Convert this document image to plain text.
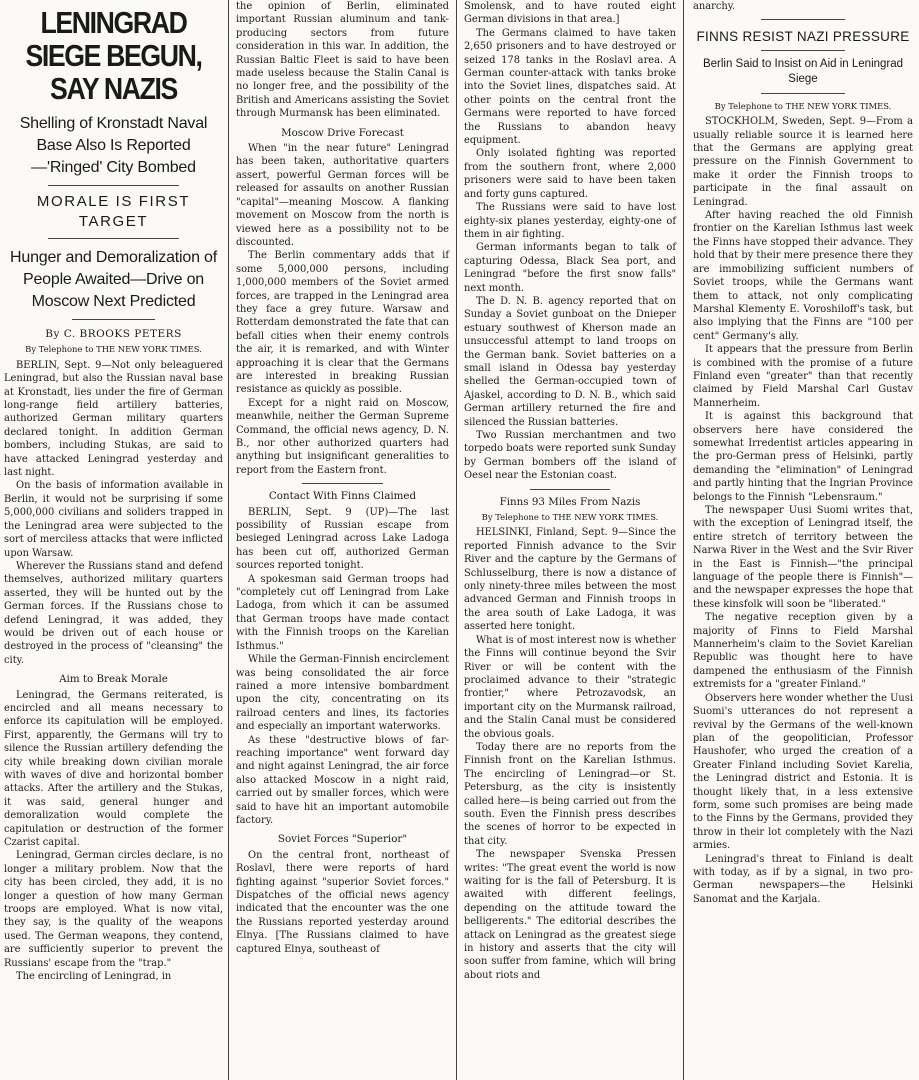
LENINGRAD SIEGE BEGUN, SAY NAZIS
Shelling of Kronstadt Naval Base Also Is Reported—'Ringed' City Bombed
MORALE IS FIRST TARGET
Hunger and Demoralization of People Awaited—Drive on Moscow Next Predicted
By C. BROOKS PETERS

By Telephone to THE NEW YORK TIMES.

BERLIN, Sept. 9—Not only beleaguered Leningrad, but also the Russian naval base at Kronstadt, lies under the fire of German long-range field artillery batteries, authorized German military quarters declared tonight. In addition German bombers, including Stukas, are said to have attacked Leningrad yesterday and last night.

On the basis of information available in Berlin, it would not be surprising if some 5,000,000 civilians and soliders trapped in the Leningrad area were subjected to the sort of merciless attacks that were inflicted upon Warsaw.

Wherever the Russians stand and defend themselves, authorized military quarters asserted, they will be hunted out by the German forces. If the Russians chose to defend Leningrad, it was added, they would be driven out of each house or destroyed in the process of "cleansing" the city.

Aim to Break Morale

Leningrad, the Germans reiterated, is encircled and all means necessary to enforce its capitulation will be employed. First, apparently, the Germans will try to silence the Russian artillery defending the city while breaking down civilian morale with waves of dive and horizontal bomber attacks. After the artillery and the Stukas, it was said, general hunger and demoralization would complete the capitulation or destruction of the former Czarist capital.

Leningrad, German circles declare, is no longer a military problem. Now that the city has been circled, they add, it is no longer a question of how many German troops are employed. What is now vital, they say, is the quality of the weapons used. The German weapons, they contend, are sufficiently superior to prevent the Russians' escape from the "trap."

The encircling of Leningrad, in

the opinion of Berlin, eliminated important Russian aluminum and tank-producing sectors from future consideration in this war. In addition, the Russian Baltic Fleet is said to have been made useless because the Stalin Canal is no longer free, and the possibility of the British and Americans assisting the Soviet through Murmansk has been eliminated.

Moscow Drive Forecast

When "in the near future" Leningrad has been taken, authoritative quarters assert, powerful German forces will be released for assaults on another Russian "capital"—meaning Moscow. A flanking movement on Moscow from the north is viewed here as a possibility not to be discounted.

The Berlin commentary adds that if some 5,000,000 persons, including 1,000,000 members of the Soviet armed forces, are trapped in the Leningrad area they face a grey future. Warsaw and Rotterdam demonstrated the fate that can befall cities when their enemy controls the air, it is remarked, and with Winter approaching it is clear that the Germans are interested in breaking Russian resistance as quickly as possible.

Except for a night raid on Moscow, meanwhile, neither the German Supreme Command, the official news agency, D. N. B., nor other authorized quarters had anything but insignificant generalities to report from the Eastern front.

Contact With Finns Claimed

BERLIN, Sept. 9 (UP)—The last possibility of Russian escape from besieged Leningrad across Lake Ladoga has been cut off, authorized German sources reported tonight.

A spokesman said German troops had "completely cut off Leningrad from Lake Ladoga, from which it can be assumed that German troops have made contact with the Finnish troops on the Karelian Isthmus."

While the German-Finnish encirclement was being consolidated the air force rained a more intensive bombardment upon the city, concentrating on its railroad centers and lines, its factories and especially an important waterworks.

As these "destructive blows of far-reaching importance" went forward day and night against Leningrad, the air force also attacked Moscow in a night raid, carried out by smaller forces, which were said to have hit an important automobile factory.

Soviet Forces "Superior"

On the central front, northeast of Roslavl, there were reports of hard fighting against "superior Soviet forces." Dispatches of the official news agency indicated that the encounter was the one the Russians reported yesterday around Elnya. [The Russians claimed to have captured Elnya, southeast of

Smolensk, and to have routed eight German divisions in that area.]

The Germans claimed to have taken 2,650 prisoners and to have destroyed or seized 178 tanks in the Roslavl area. A German counter-attack with tanks broke into the Soviet lines, dispatches said. At other points on the central front the Germans were reported to have forced the Russians to abandon heavy equipment.

Only isolated fighting was reported from the southern front, where 2,000 prisoners were said to have been taken and forty guns captured.

The Russians were said to have lost eighty-six planes yesterday, eighty-one of them in air fighting.

German informants began to talk of capturing Odessa, Black Sea port, and Leningrad "before the first snow falls" next month.

The D. N. B. agency reported that on Sunday a Soviet gunboat on the Dnieper estuary southwest of Kherson made an unsuccessful attempt to land troops on the German bank. Soviet batteries on a small island in Odessa bay yesterday shelled the German-occupied town of Ajaskel, according to D. N. B., which said German artillery returned the fire and silenced the Russian batteries.

Two Russian merchantmen and two torpedo boats were reported sunk Sunday by German bombers off the island of Oesel near the Estonian coast.

Finns 93 Miles From Nazis

By Telephone to THE NEW YORK TIMES.

HELSINKI, Finland, Sept. 9—Since the reported Finnish advance to the Svir River and the capture by the Germans of Schlusselburg, there is now a distance of only ninety-three miles between the most advanced German and Finnish troops in the area south of Lake Ladoga, it was asserted here tonight.

What is of most interest now is whether the Finns will continue beyond the Svir River or will be content with the proclaimed advance to their "strategic frontier," where Petrozavodsk, an important city on the Murmansk railroad, and the Stalin Canal must be considered the obvious goals.

Today there are no reports from the Finnish front on the Karelian Isthmus. The encircling of Leningrad—or St. Petersburg, as the city is insistently called here—is being carried out from the south. Even the Finnish press describes the scenes of horror to be expected in that city.

The newspaper Svenska Pressen writes: "The great event the world is now waiting for is the fall of Petersburg. It is awaited with different feelings, depending on the attitude toward the belligerents." The editorial describes the attack on Leningrad as the greatest siege in history and asserts that the city will soon suffer from famine, which will bring about riots and

anarchy.

FINNS RESIST NAZI PRESSURE
Berlin Said to Insist on Aid in Leningrad Siege

By Telephone to THE NEW YORK TIMES.

STOCKHOLM, Sweden, Sept. 9—From a usually reliable source it is learned here that the Germans are applying great pressure on the Finnish Government to make it order the Finnish troops to participate in the final assault on Leningrad.

After having reached the old Finnish frontier on the Karelian Isthmus last week the Finns have stopped their advance. They hold that by their mere presence there they are immobilizing sufficient numbers of Soviet troops, while the Germans want them to attack, not only complicating Marshal Klementy E. Voroshiloff's task, but also implying that the Finns are "100 per cent" Germany's ally.

It appears that the pressure from Berlin is combined with the promise of a future Finland even "greater" than that recently claimed by Field Marshal Carl Gustav Mannerheim.

It is against this background that observers here have considered the somewhat Irredentist articles appearing in the pro-German press of Helsinki, partly demanding the "elimination" of Leningrad and partly hinting that the Ingrian Province belongs to the Finnish "Lebensraum."

The newspaper Uusi Suomi writes that, with the exception of Leningrad itself, the entire stretch of territory between the Narwa River in the West and the Svir River in the East is Finnish—"the principal language of the people there is Finnish"—and the newspaper expresses the hope that these kinsfolk will soon be "liberated."

The negative reception given by a majority of Finns to Field Marshal Mannerheim's claim to the Soviet Karelian Republic was thought here to have dampened the enthusiasm of the Finnish extremists for a "greater Finland."

Observers here wonder whether the Uusi Suomi's utterances do not represent a revival by the Germans of the well-known plan of the geopolitician, Professor Haushofer, who urged the creation of a Greater Finland including Soviet Karelia, the Leningrad district and Estonia. It is thought likely that, in a less extensive form, some such promises are being made to the Finns by the Germans, provided they throw in their lot completely with the Nazi armies.

Leningrad's threat to Finland is dealt with today, as if by a signal, in two pro-German newspapers—the Helsinki Sanomat and the Karjala.
